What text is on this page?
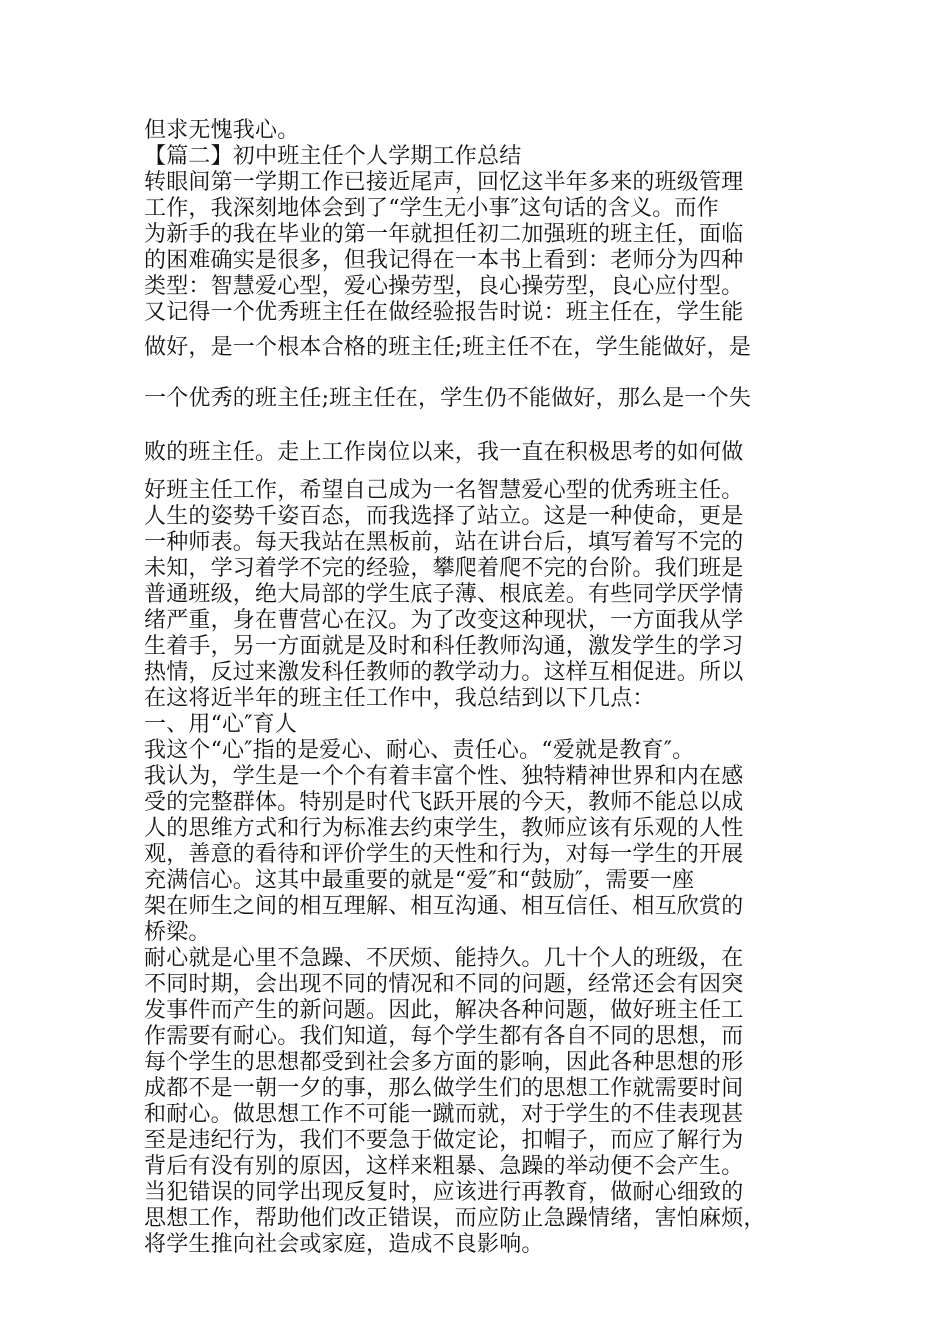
但求无愧我心。
【篇二】初中班主任个人学期工作总结
转眼间第一学期工作已接近尾声，回忆这半年多来的班级管理
工作，我深刻地体会到了“学生无小事″这句话的含义。而作
为新手的我在毕业的第一年就担任初二加强班的班主任，面临
的困难确实是很多，但我记得在一本书上看到：老师分为四种
类型：智慧爱心型，爱心操劳型，良心操劳型，良心应付型。
又记得一个优秀班主任在做经验报告时说：班主任在，学生能
做好，是一个根本合格的班主任;班主任不在，学生能做好，是
一个优秀的班主任;班主任在，学生仍不能做好，那么是一个失
败的班主任。走上工作岗位以来，我一直在积极思考的如何做
好班主任工作，希望自己成为一名智慧爱心型的优秀班主任。
人生的姿势千姿百态，而我选择了站立。这是一种使命，更是
一种师表。每天我站在黑板前，站在讲台后，填写着写不完的
未知，学习着学不完的经验，攀爬着爬不完的台阶。我们班是
普通班级，绝大局部的学生底子薄、根底差。有些同学厌学情
绪严重，身在曹营心在汉。为了改变这种现状，一方面我从学
生着手，另一方面就是及时和科任教师沟通，激发学生的学习
热情，反过来激发科任教师的教学动力。这样互相促进。所以
在这将近半年的班主任工作中，我总结到以下几点：
一、用“心″育人
我这个“心″指的是爱心、耐心、责任心。“爱就是教育″。
我认为，学生是一个个有着丰富个性、独特精神世界和内在感
受的完整群体。特别是时代飞跃开展的今天，教师不能总以成
人的思维方式和行为标准去约束学生，教师应该有乐观的人性
观，善意的看待和评价学生的天性和行为，对每一学生的开展
充满信心。这其中最重要的就是“爱″和“鼓励″，需要一座
架在师生之间的相互理解、相互沟通、相互信任、相互欣赏的
桥梁。
耐心就是心里不急躁、不厌烦、能持久。几十个人的班级，在
不同时期，会出现不同的情况和不同的问题，经常还会有因突
发事件而产生的新问题。因此，解决各种问题，做好班主任工
作需要有耐心。我们知道，每个学生都有各自不同的思想，而
每个学生的思想都受到社会多方面的影响，因此各种思想的形
成都不是一朝一夕的事，那么做学生们的思想工作就需要时间
和耐心。做思想工作不可能一蹴而就，对于学生的不佳表现甚
至是违纪行为，我们不要急于做定论，扣帽子，而应了解行为
背后有没有别的原因，这样来粗暴、急躁的举动便不会产生。
当犯错误的同学出现反复时，应该进行再教育，做耐心细致的
思想工作，帮助他们改正错误，而应防止急躁情绪，害怕麻烦，
将学生推向社会或家庭，造成不良影响。
